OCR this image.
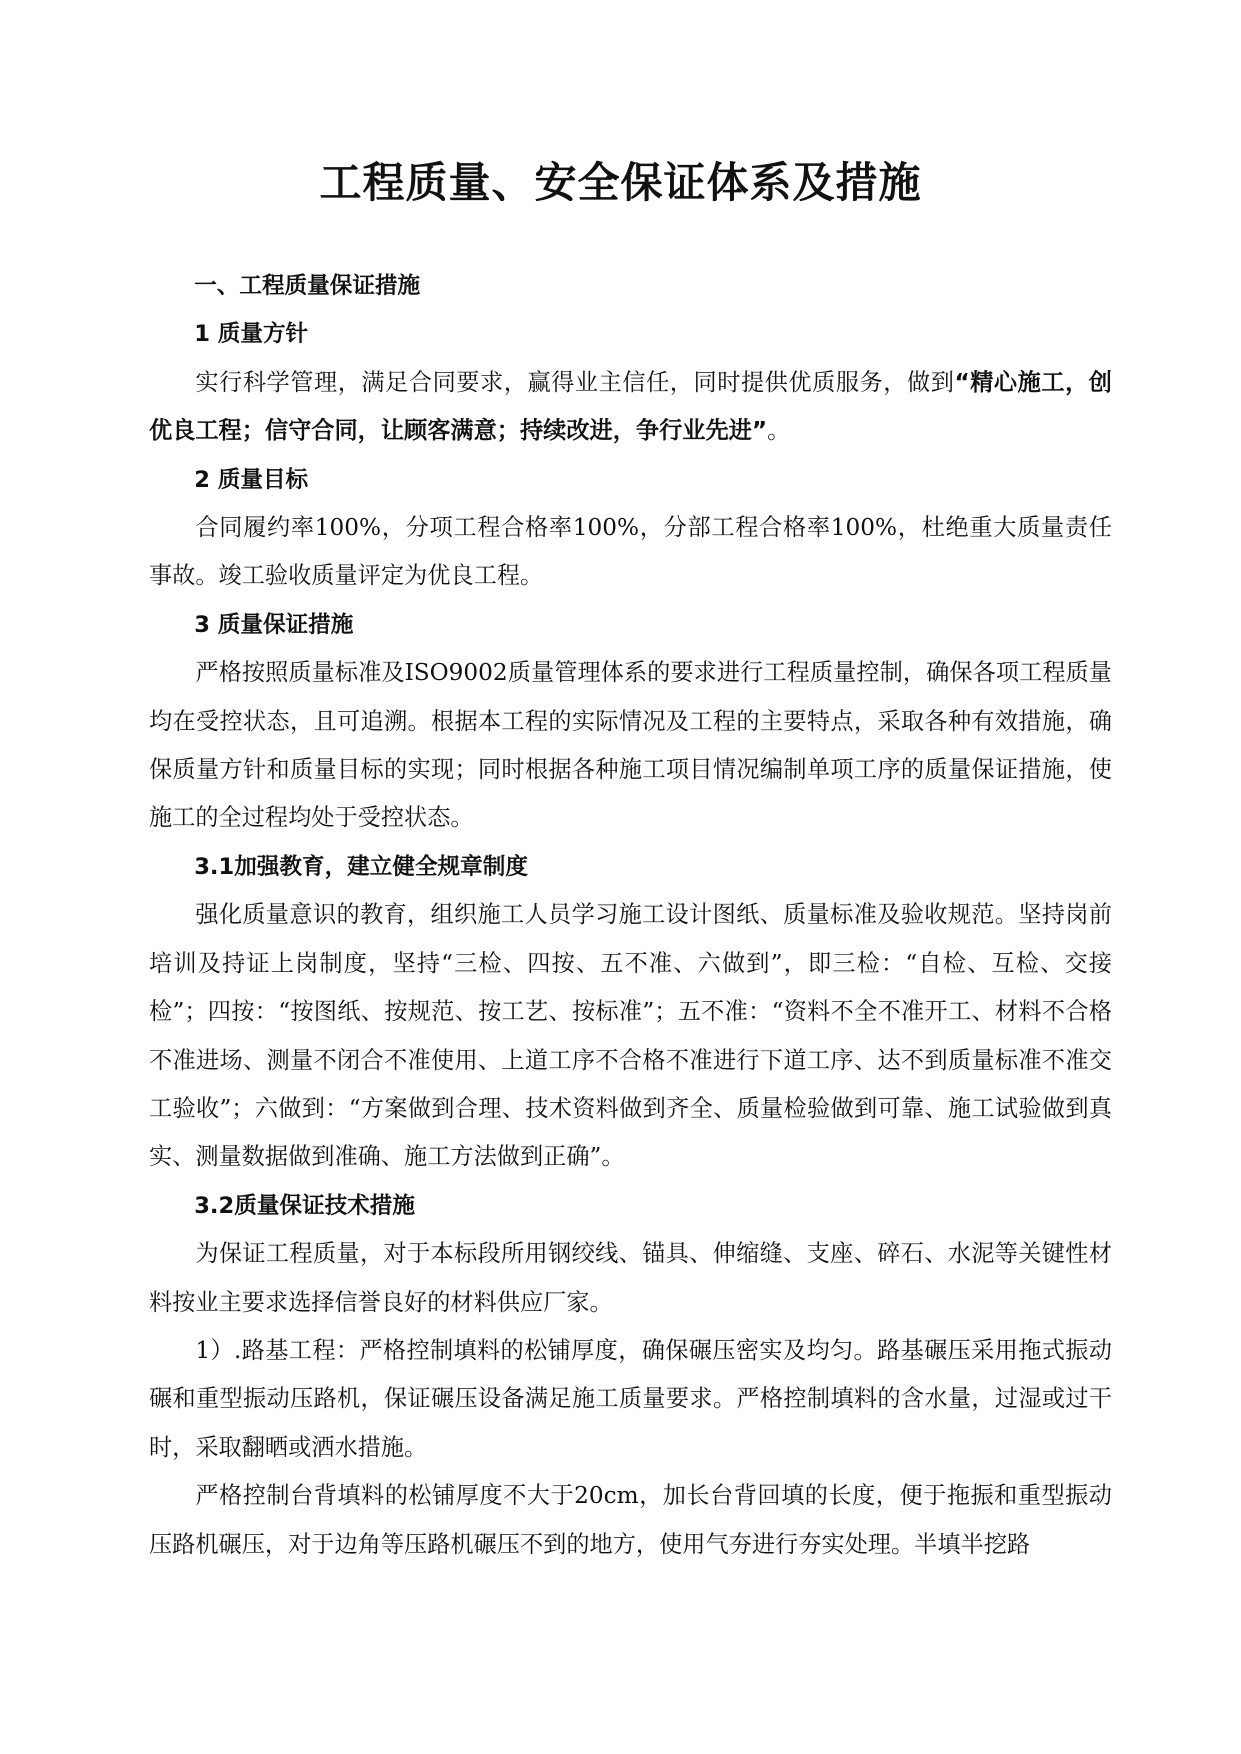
工程质量、安全保证体系及措施

一、工程质量保证措施

1 质量方针

实行科学管理，满足合同要求，赢得业主信任，同时提供优质服务，做到“精心施工，创优良工程；信守合同，让顾客满意；持续改进，争行业先进”。

2 质量目标

合同履约率100%，分项工程合格率100%，分部工程合格率100%，杜绝重大质量责任事故。竣工验收质量评定为优良工程。

3 质量保证措施

严格按照质量标准及ISO9002质量管理体系的要求进行工程质量控制，确保各项工程质量均在受控状态，且可追溯。根据本工程的实际情况及工程的主要特点，采取各种有效措施，确保质量方针和质量目标的实现；同时根据各种施工项目情况编制单项工序的质量保证措施，使施工的全过程均处于受控状态。

3.1加强教育，建立健全规章制度

强化质量意识的教育，组织施工人员学习施工设计图纸、质量标准及验收规范。坚持岗前培训及持证上岗制度，坚持“三检、四按、五不准、六做到”，即三检：“自检、互检、交接检”；四按：“按图纸、按规范、按工艺、按标准”；五不准：“资料不全不准开工、材料不合格不准进场、测量不闭合不准使用、上道工序不合格不准进行下道工序、达不到质量标准不准交工验收”；六做到：“方案做到合理、技术资料做到齐全、质量检验做到可靠、施工试验做到真实、测量数据做到准确、施工方法做到正确”。

3.2质量保证技术措施

为保证工程质量，对于本标段所用钢绞线、锚具、伸缩缝、支座、碎石、水泥等关键性材料按业主要求选择信誉良好的材料供应厂家。

1）.路基工程：严格控制填料的松铺厚度，确保碾压密实及均匀。路基碾压采用拖式振动碾和重型振动压路机，保证碾压设备满足施工质量要求。严格控制填料的含水量，过湿或过干时，采取翻晒或洒水措施。

严格控制台背填料的松铺厚度不大于20cm，加长台背回填的长度，便于拖振和重型振动压路机碾压，对于边角等压路机碾压不到的地方，使用气夯进行夯实处理。半填半挖路
